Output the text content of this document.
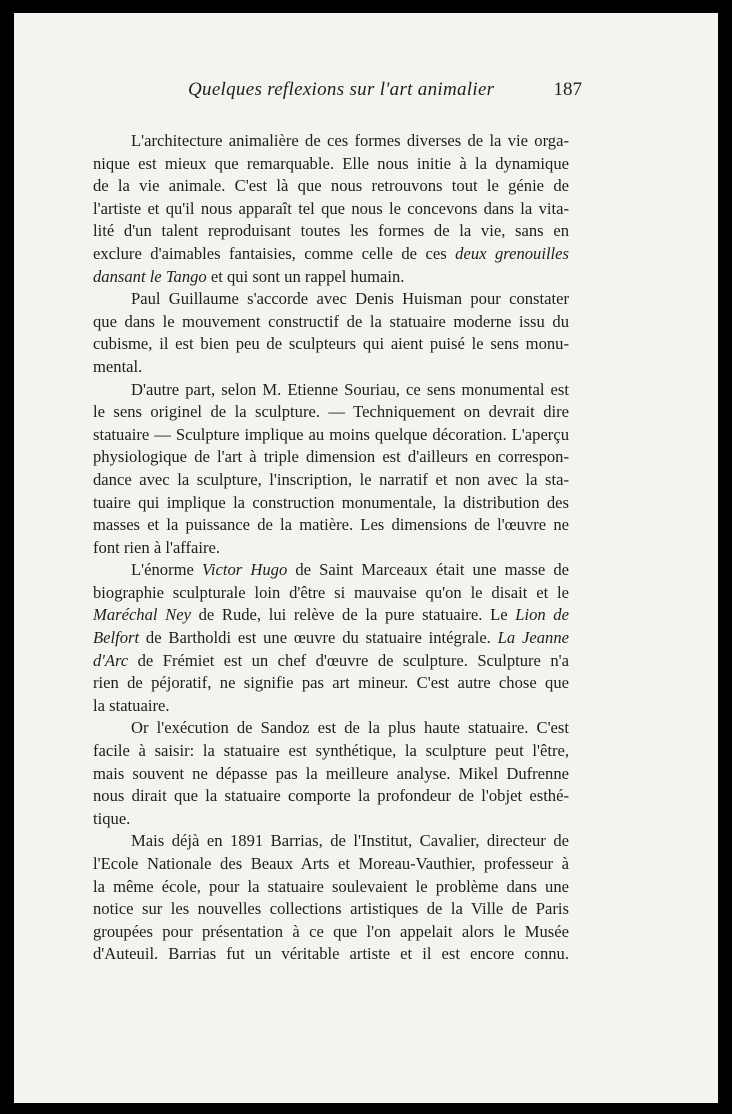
Quelques reflexions sur l'art animalier	187

L'architecture animalière de ces formes diverses de la vie orga-
nique est mieux que remarquable. Elle nous initie à la dynamique
de la vie animale. C'est là que nous retrouvons tout le génie de
l'artiste et qu'il nous apparaît tel que nous le concevons dans la vita-
lité d'un talent reproduisant toutes les formes de la vie, sans en
exclure d'aimables fantaisies, comme celle de ces deux grenouilles
dansant le Tango et qui sont un rappel humain.

Paul Guillaume s'accorde avec Denis Huisman pour constater
que dans le mouvement constructif de la statuaire moderne issu du
cubisme, il est bien peu de sculpteurs qui aient puisé le sens monu-
mental.

D'autre part, selon M. Etienne Souriau, ce sens monumental est
le sens originel de la sculpture. — Techniquement on devrait dire
statuaire — Sculpture implique au moins quelque décoration. L'aperçu
physiologique de l'art à triple dimension est d'ailleurs en correspon-
dance avec la sculpture, l'inscription, le narratif et non avec la sta-
tuaire qui implique la construction monumentale, la distribution des
masses et la puissance de la matière. Les dimensions de l'œuvre ne
font rien à l'affaire.

L'énorme Victor Hugo de Saint Marceaux était une masse de
biographie sculpturale loin d'être si mauvaise qu'on le disait et le
Maréchal Ney de Rude, lui relève de la pure statuaire. Le Lion de
Belfort de Bartholdi est une œuvre du statuaire intégrale. La Jeanne
d'Arc de Frémiet est un chef d'œuvre de sculpture. Sculpture n'a
rien de péjoratif, ne signifie pas art mineur. C'est autre chose que
la statuaire.

Or l'exécution de Sandoz est de la plus haute statuaire. C'est
facile à saisir: la statuaire est synthétique, la sculpture peut l'être,
mais souvent ne dépasse pas la meilleure analyse. Mikel Dufrenne
nous dirait que la statuaire comporte la profondeur de l'objet esthé-
tique.

Mais déjà en 1891 Barrias, de l'Institut, Cavalier, directeur de
l'Ecole Nationale des Beaux Arts et Moreau-Vauthier, professeur à
la même école, pour la statuaire soulevaient le problème dans une
notice sur les nouvelles collections artistiques de la Ville de Paris
groupées pour présentation à ce que l'on appelait alors le Musée
d'Auteuil. Barrias fut un véritable artiste et il est encore connu.
